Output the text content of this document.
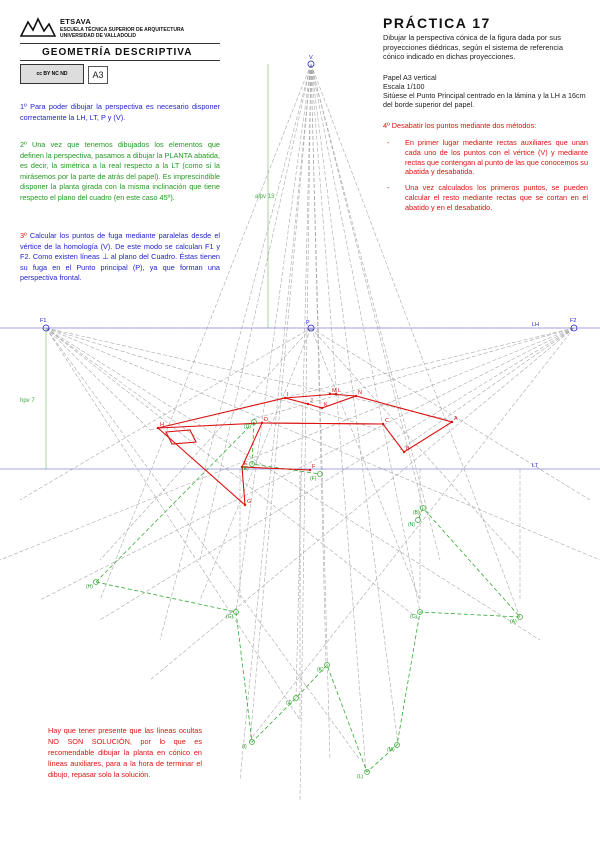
alpv 13
hpv 7
V
P
F1	F2
LH
LT
A
B
C
D
E	F
G
H
I
J
K
L
M	N
(A)
(B)
(C)
(D)
(E)
(F)
(G)
(H)
(I)
(J)
(K)
(L)
(M)
(N)
ETSAVA
ESCUELA TÉCNICA SUPERIOR DE ARQUITECTURA
UNIVERSIDAD DE VALLADOLID
GEOMETRÍA DESCRIPTIVA
cc BY NC ND	A3
PRÁCTICA 17
Dibujar la perspectiva cónica de la figura dada por sus proyecciones diédricas, según el sistema de referencia cónico indicado en dichas proyecciones.
Papel A3 vertical
Escala 1/100
Sitúese el Punto Principal centrado en la lámina y la LH a 16cm del borde superior del papel.
1º Para poder dibujar la perspectiva es necesario disponer correctamente la LH, LT, P y (V).
2º Una vez que tenemos dibujados los elementos que definen la perspectiva, pasamos a dibujar la PLANTA abatida, es decir, la simétrica a la real respecto a la LT (como si la mirásemos por la parte de atrás del papel). Es imprescindible disponer la planta girada con la misma inclinación que tiene respecto el plano del cuadro (en este caso 45º).
3º Calcular los puntos de fuga mediante paralelas desde el vértice de la homología (V). De este modo se calculan F1 y F2. Como existen líneas ⊥ al plano del Cuadro. Éstas tienen su fuga en el Punto principal (P), ya que forman una perspectiva frontal.
4º Desabatir los puntos mediante dos métodos:
- En primer lugar mediante rectas auxiliares que unan cada uno de los puntos con el vértice (V) y mediante rectas que contengan al punto de las que conocemos su abatida y desabatida.
- Una vez calculados los primeros puntos, se pueden calcular el resto mediante rectas que se cortan en el abatido y en el desabatido.
Hay que tener presente que las líneas ocultas NO SON SOLUCIÓN, por lo que es recomendable dibujar la planta en cónico en líneas auxiliares, para a la hora de terminar el dibujo, repasar solo la solución.
